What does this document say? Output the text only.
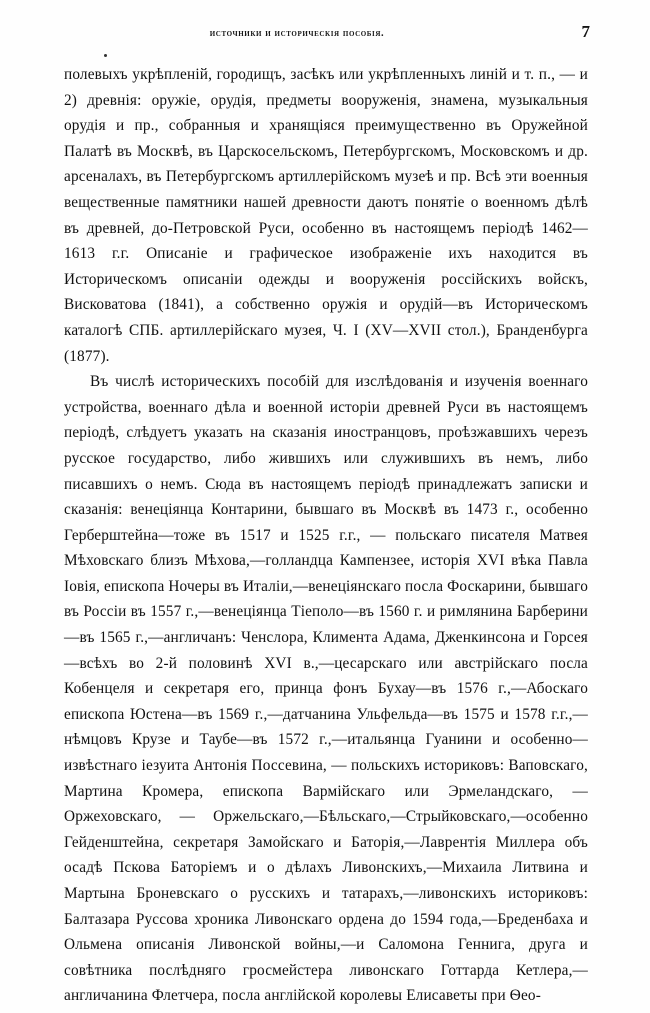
источники и историческія пособія.	7

полевыхъ укрѣпленій, городищъ, засѣкъ или укрѣпленныхъ линій и т. п., — и 2) древнія: оружіе, орудія, предметы вооруженія, знамена, музыкальныя орудія и пр., собранныя и хранящіяся преимущественно въ Оружейной Палатѣ въ Москвѣ, въ Царскосельскомъ, Петербургскомъ, Московскомъ и др. арсеналахъ, въ Петербургскомъ артиллерійскомъ музеѣ и пр. Всѣ эти военныя вещественные памятники нашей древности даютъ понятіе о военномъ дѣлѣ въ древней, до-Петровской Руси, особенно въ настоящемъ періодѣ 1462—1613 г.г. Описаніе и графическое изображеніе ихъ находится въ Историческомъ описаніи одежды и вооруженія россійскихъ войскъ, Висковатова (1841), а собственно оружія и орудій—въ Историческомъ каталогѣ СПБ. артиллерійскаго музея, Ч. I (XV—XVII стол.), Бранденбурга (1877).

Въ числѣ историческихъ пособій для изслѣдованія и изученія военнаго устройства, военнаго дѣла и военной исторіи древней Руси въ настоящемъ періодѣ, слѣдуетъ указать на сказанія иностранцовъ, проѣзжавшихъ черезъ русское государство, либо жившихъ или служившихъ въ немъ, либо писавшихъ о немъ. Сюда въ настоящемъ періодѣ принадлежатъ записки и сказанія: венеціянца Контарини, бывшаго въ Москвѣ въ 1473 г., особенно Герберштейна—тоже въ 1517 и 1525 г.г., — польскаго писателя Матвея Мѣховскаго близъ Мѣхова,—голландца Кампензее, исторія XVI вѣка Павла Іовія, епископа Ночеры въ Италіи,—венеціянскаго посла Фоскарини, бывшаго въ Россіи въ 1557 г.,—венеціянца Тіеполо—въ 1560 г. и римлянина Барберини—въ 1565 г.,—англичанъ: Ченслора, Климента Адама, Дженкинсона и Горсея—всѣхъ во 2-й половинѣ XVI в.,—цесарскаго или австрійскаго посла Кобенцеля и секретаря его, принца фонъ Бухау—въ 1576 г.,—Абоскаго епископа Юстена—въ 1569 г.,—датчанина Ульфельда—въ 1575 и 1578 г.г.,—нѣмцовъ Крузе и Таубе—въ 1572 г.,—итальянца Гуанини и особенно—извѣстнаго іезуита Антонія Поссевина, — польскихъ историковъ: Ваповскаго, Мартина Кромера, епископа Вармійскаго или Эрмеландскаго, — Оржеховскаго, — Оржельскаго,—Бѣльскаго,—Стрыйковскаго,—особенно Гейденштейна, секретаря Замойскаго и Баторія,—Лаврентія Миллера объ осадѣ Пскова Баторіемъ и о дѣлахъ Ливонскихъ,—Михаила Литвина и Мартына Броневскаго о русскихъ и татарахъ,—ливонскихъ историковъ: Балтазара Руссова хроника Ливонскаго ордена до 1594 года,—Бреденбаха и Ольмена описанія Ливонской войны,—и Саломона Геннига, друга и совѣтника послѣдняго гросмейстера ливонскаго Готтарда Кетлера,—англичанина Флетчера, посла англійской королевы Елисаветы при Ѳео-
